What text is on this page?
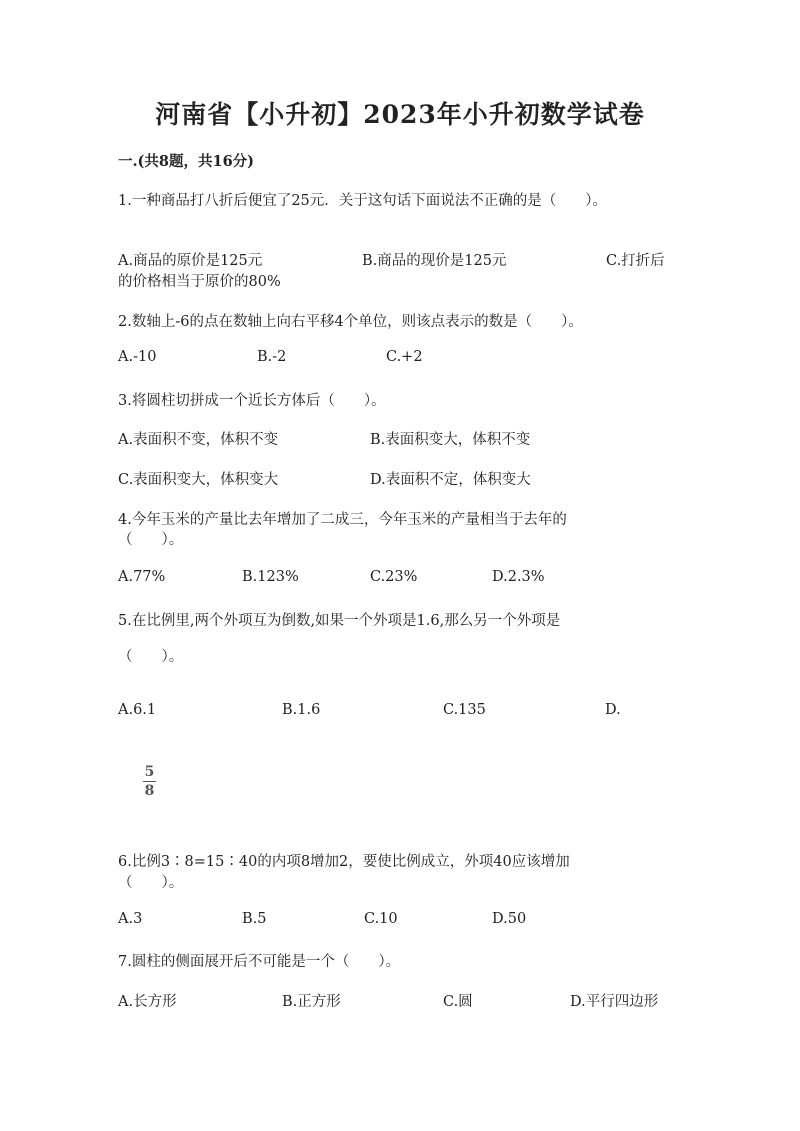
河南省【小升初】2023年小升初数学试卷
一.(共8题，共16分)
1.一种商品打八折后便宜了25元．关于这句话下面说法不正确的是（　　）。
A.商品的原价是125元	B.商品的现价是125元	C.打折后
的价格相当于原价的80%
2.数轴上-6的点在数轴上向右平移4个单位，则该点表示的数是（　　）。
A.-10	B.-2	C.+2
3.将圆柱切拼成一个近长方体后（　　）。
A.表面积不变，体积不变	B.表面积变大，体积不变
C.表面积变大，体积变大	D.表面积不定，体积变大
4.今年玉米的产量比去年增加了二成三，今年玉米的产量相当于去年的
（　　）。
A.77%	B.123%	C.23%	D.2.3%
5.在比例里,两个外项互为倒数,如果一个外项是1.6,那么另一个外项是
（　　）。
A.6.1	B.1.6	C.135	D.
5
8
6.比例3∶8=15∶40的内项8增加2，要使比例成立，外项40应该增加
（　　）。
A.3	B.5	C.10	D.50
7.圆柱的侧面展开后不可能是一个（　　）。
A.长方形	B.正方形	C.圆	D.平行四边形
